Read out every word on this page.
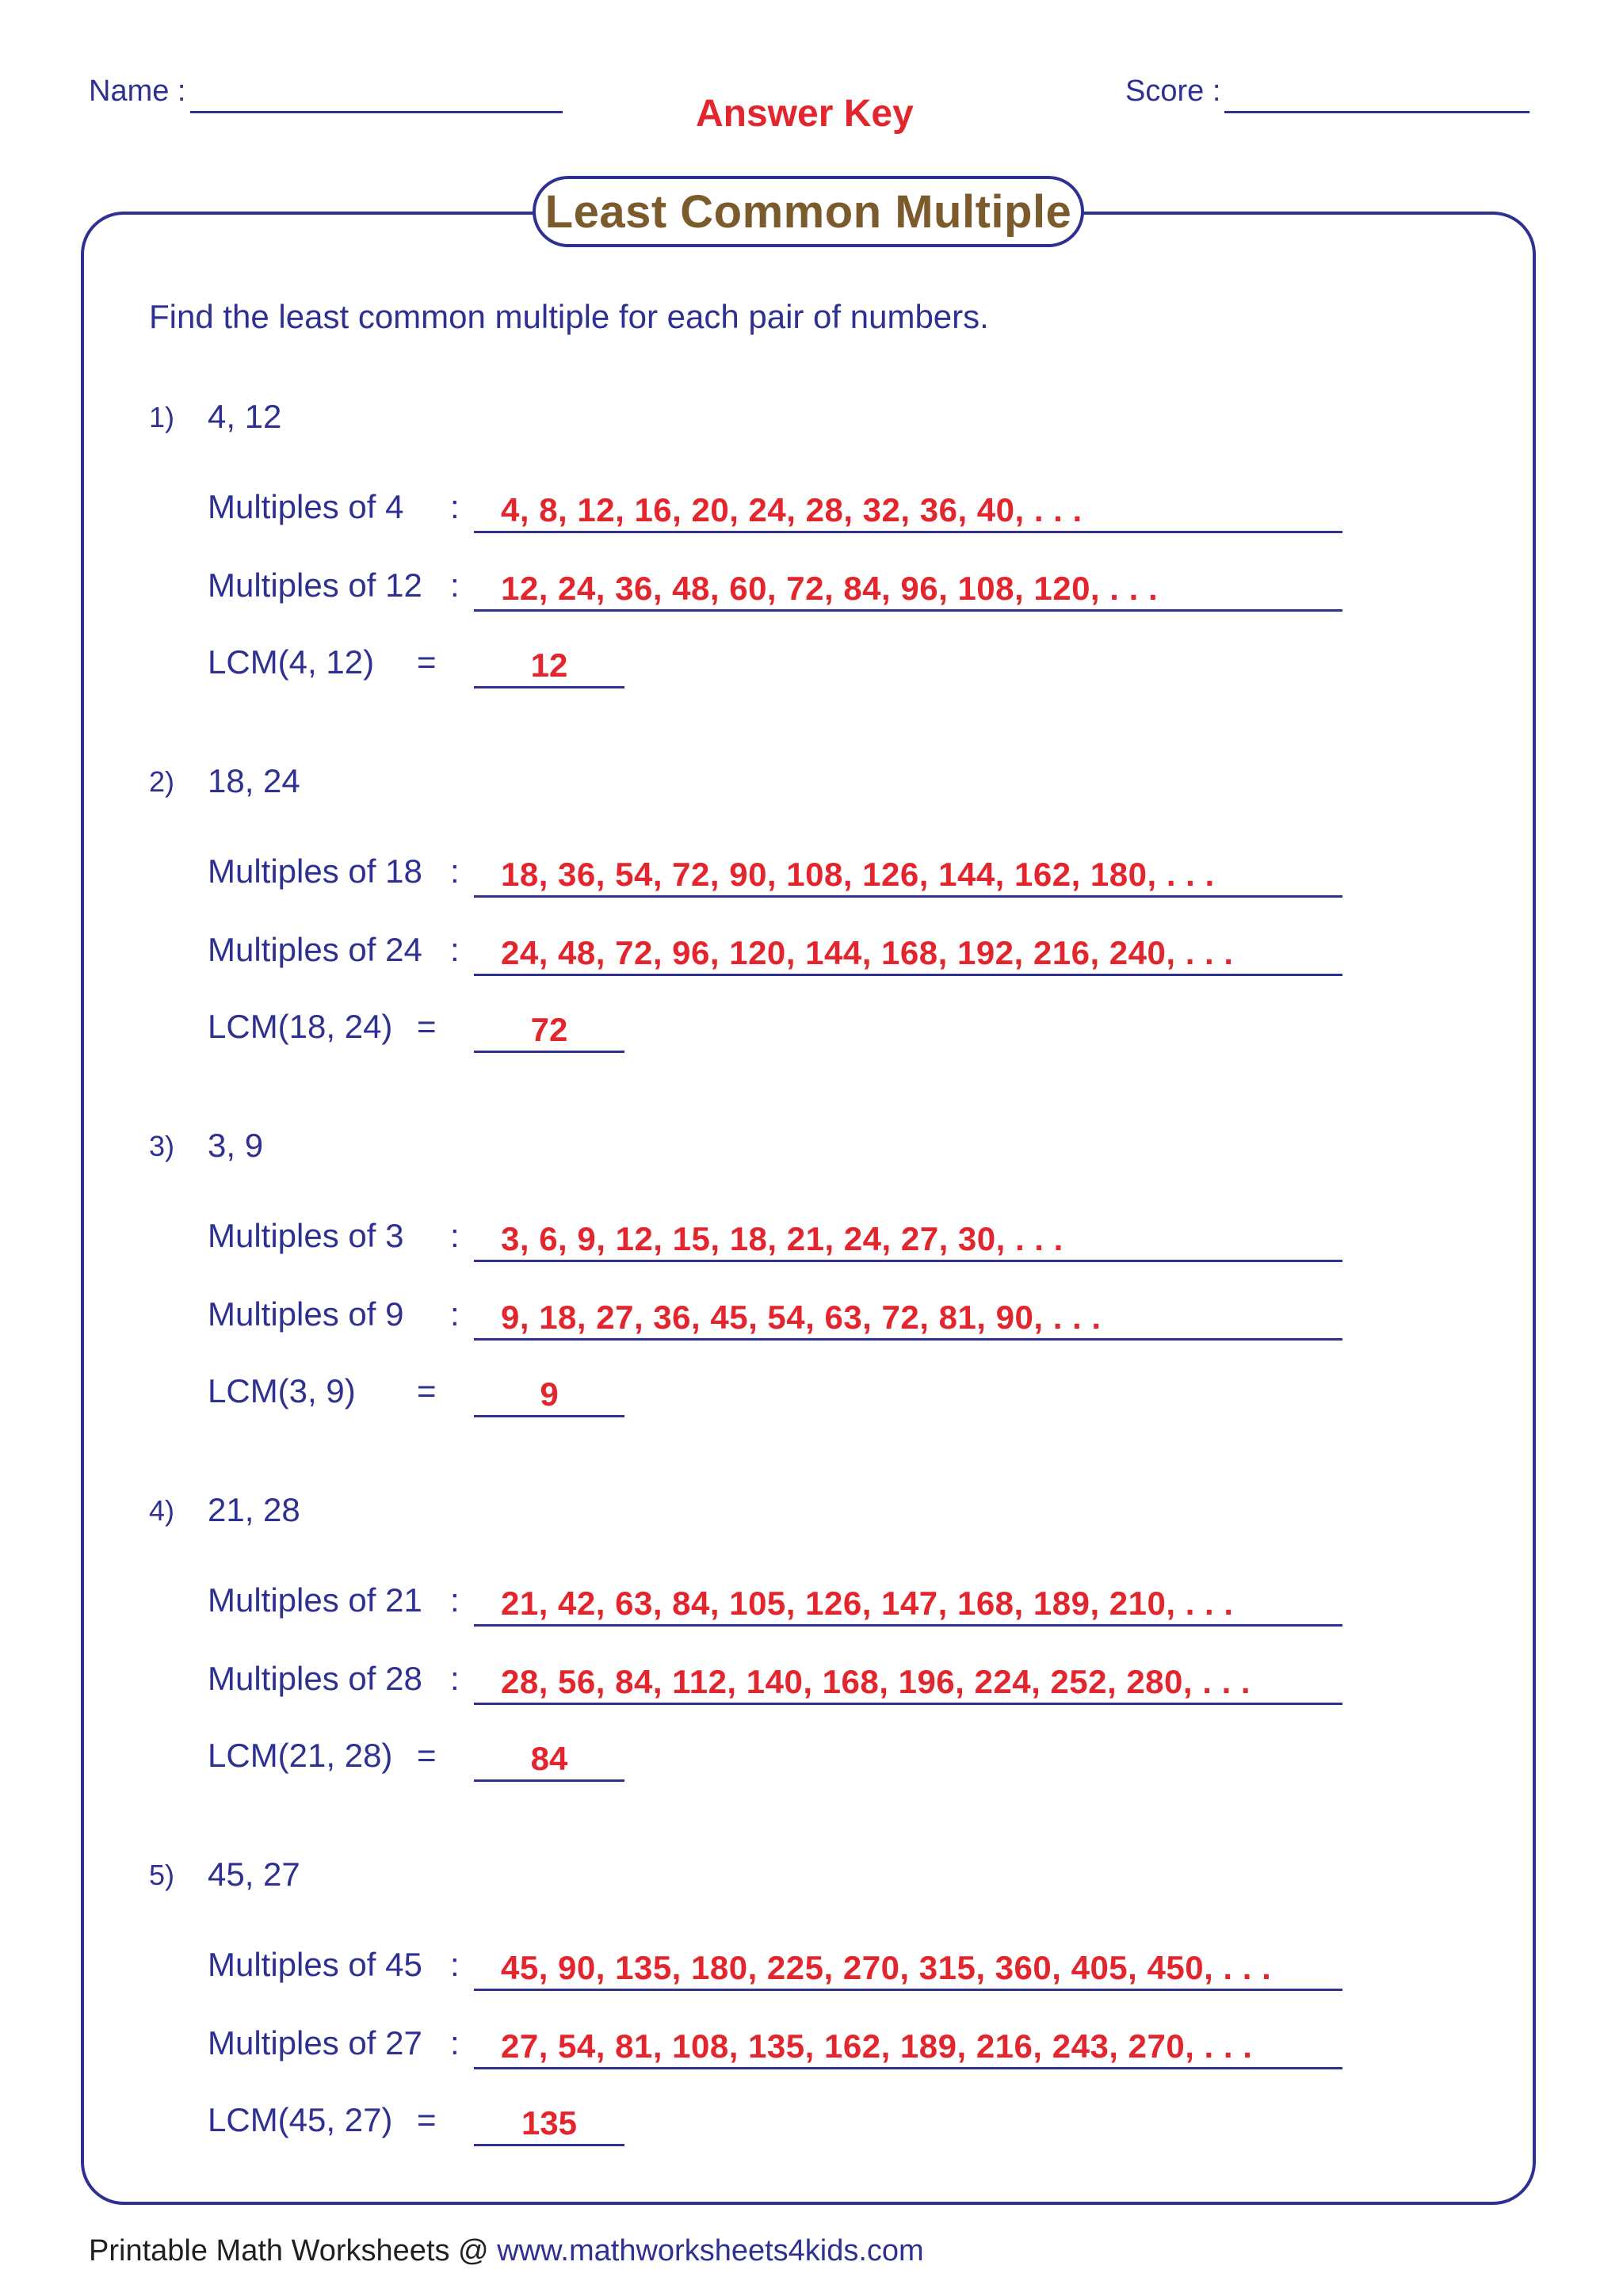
Name :
Answer Key
Score :
Least Common Multiple
Find the least common multiple for each pair of numbers.
1) 4, 12
Multiples of 4 : 4, 8, 12, 16, 20, 24, 28, 32, 36, 40, . . .
Multiples of 12 : 12, 24, 36, 48, 60, 72, 84, 96, 108, 120, . . .
LCM(4, 12) =	12
2) 18, 24
Multiples of 18 : 18, 36, 54, 72, 90, 108, 126, 144, 162, 180, . . .
Multiples of 24 : 24, 48, 72, 96, 120, 144, 168, 192, 216, 240, . . .
LCM(18, 24) =	72
3) 3, 9
Multiples of 3 : 3, 6, 9, 12, 15, 18, 21, 24, 27, 30, . . .
Multiples of 9 : 9, 18, 27, 36, 45, 54, 63, 72, 81, 90, . . .
LCM(3, 9) =	9
4) 21, 28
Multiples of 21 : 21, 42, 63, 84, 105, 126, 147, 168, 189, 210, . . .
Multiples of 28 : 28, 56, 84, 112, 140, 168, 196, 224, 252, 280, . . .
LCM(21, 28) =	84
5) 45, 27
Multiples of 45 : 45, 90, 135, 180, 225, 270, 315, 360, 405, 450, . . .
Multiples of 27 : 27, 54, 81, 108, 135, 162, 189, 216, 243, 270, . . .
LCM(45, 27) =	135
Printable Math Worksheets @ www.mathworksheets4kids.com
